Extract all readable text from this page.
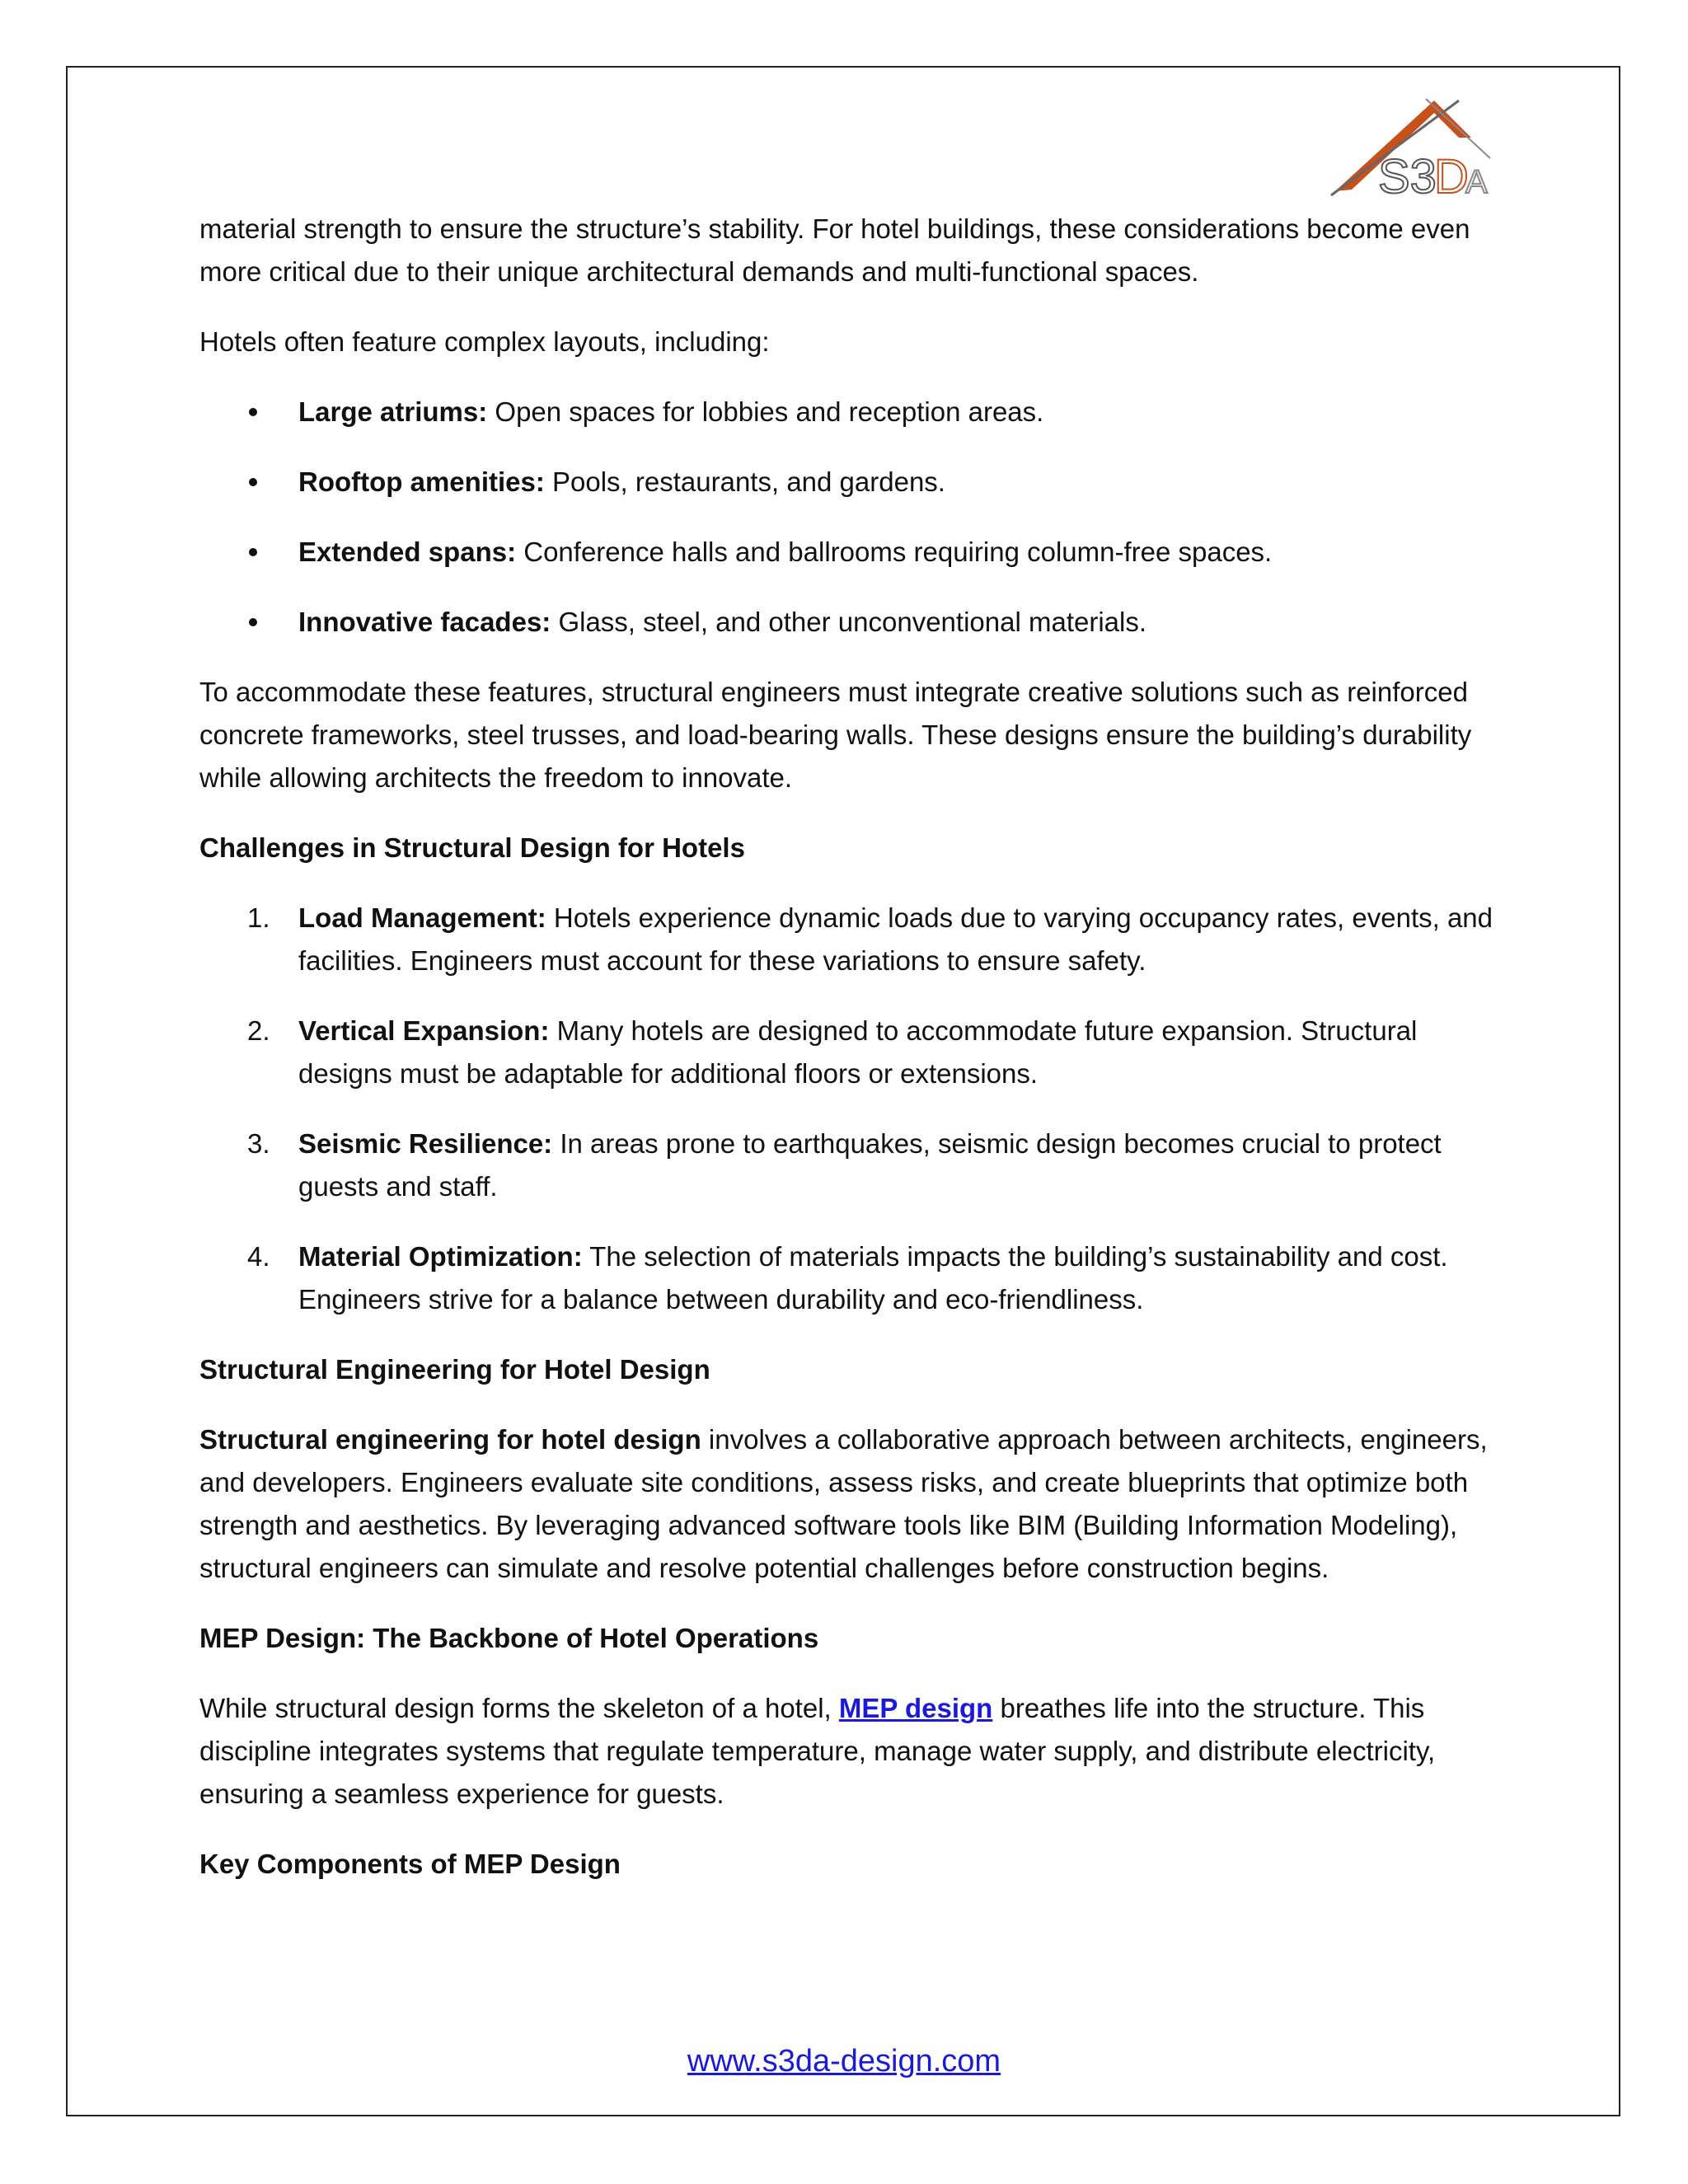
S3
D
A

material strength to ensure the structure’s stability. For hotel buildings, these considerations become even more critical due to their unique architectural demands and multi-functional spaces.

Hotels often feature complex layouts, including:

Large atriums: Open spaces for lobbies and reception areas.
Rooftop amenities: Pools, restaurants, and gardens.
Extended spans: Conference halls and ballrooms requiring column-free spaces.
Innovative facades: Glass, steel, and other unconventional materials.

To accommodate these features, structural engineers must integrate creative solutions such as reinforced concrete frameworks, steel trusses, and load-bearing walls. These designs ensure the building’s durability while allowing architects the freedom to innovate.

Challenges in Structural Design for Hotels
1. Load Management: Hotels experience dynamic loads due to varying occupancy rates, events, and facilities. Engineers must account for these variations to ensure safety.
2. Vertical Expansion: Many hotels are designed to accommodate future expansion. Structural designs must be adaptable for additional floors or extensions.
3. Seismic Resilience: In areas prone to earthquakes, seismic design becomes crucial to protect guests and staff.
4. Material Optimization: The selection of materials impacts the building’s sustainability and cost. Engineers strive for a balance between durability and eco-friendliness.
Structural Engineering for Hotel Design

Structural engineering for hotel design involves a collaborative approach between architects, engineers, and developers. Engineers evaluate site conditions, assess risks, and create blueprints that optimize both strength and aesthetics. By leveraging advanced software tools like BIM (Building Information Modeling), structural engineers can simulate and resolve potential challenges before construction begins.

MEP Design: The Backbone of Hotel Operations

While structural design forms the skeleton of a hotel, MEP design breathes life into the structure. This discipline integrates systems that regulate temperature, manage water supply, and distribute electricity, ensuring a seamless experience for guests.

Key Components of MEP Design
www.s3da-design.com
